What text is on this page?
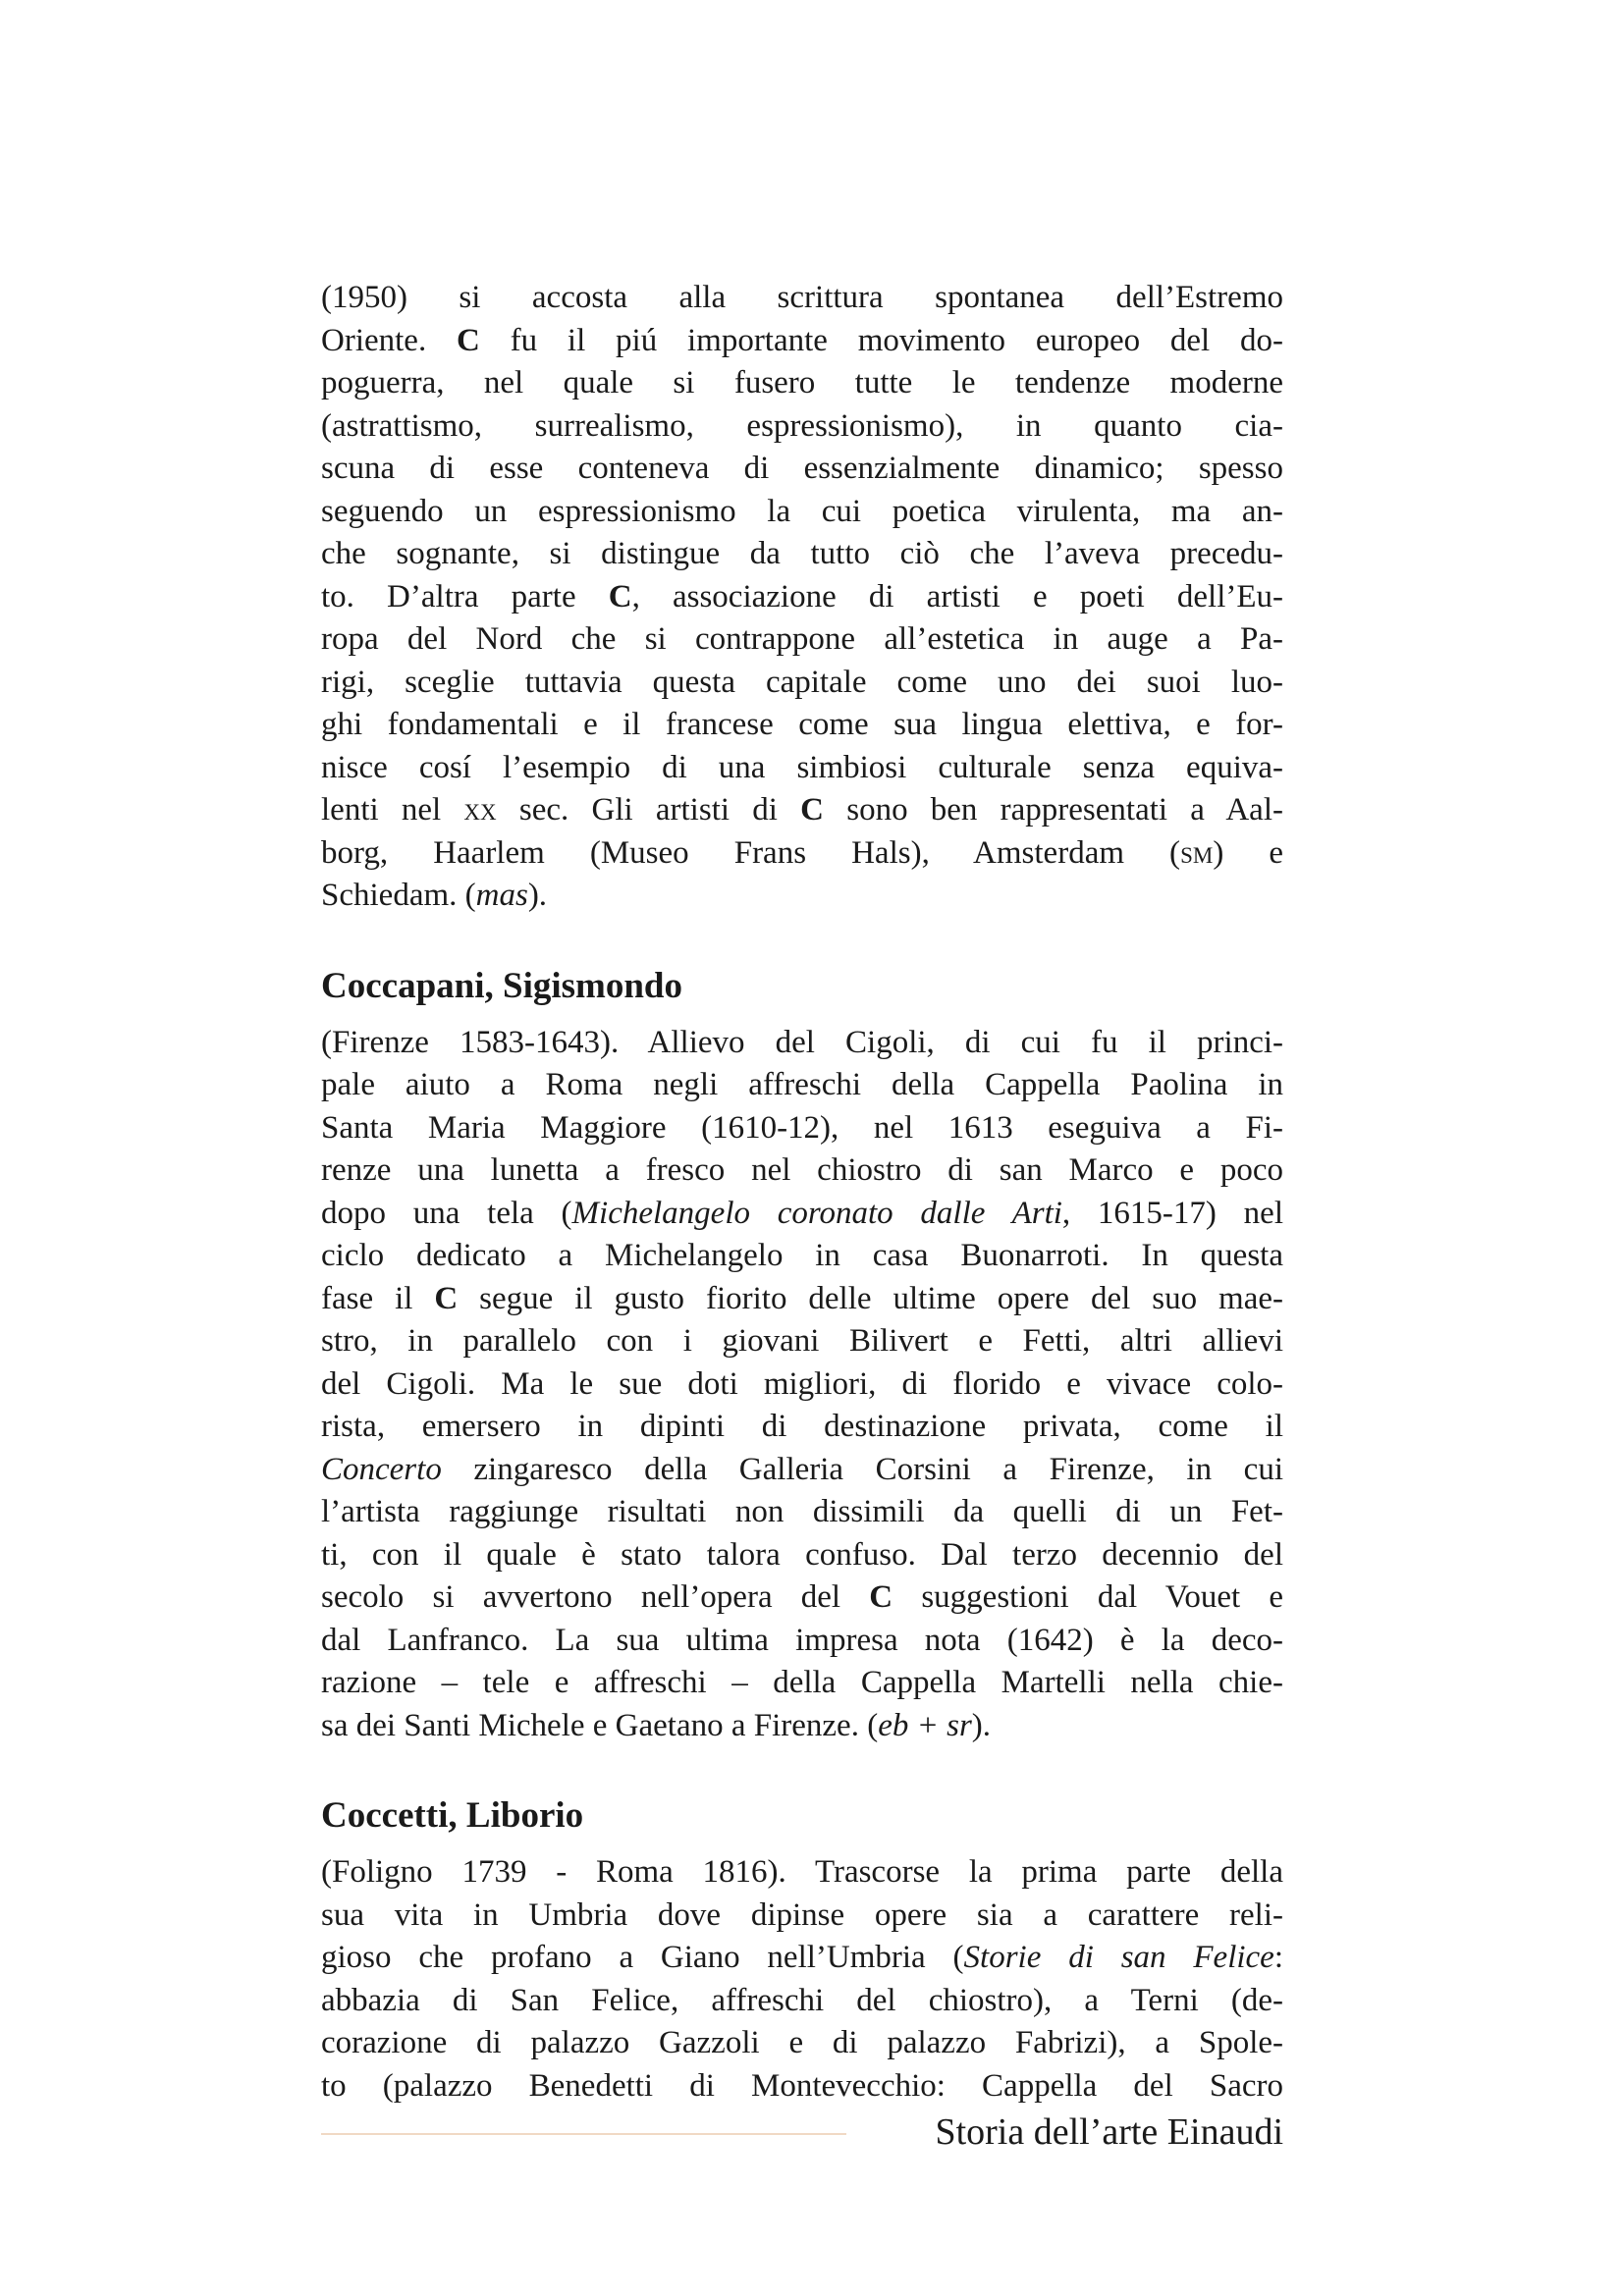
(1950) si accosta alla scrittura spontanea dell’Estremo
Oriente. C fu il piú importante movimento europeo del do-
poguerra, nel quale si fusero tutte le tendenze moderne
(astrattismo, surrealismo, espressionismo), in quanto cia-
scuna di esse conteneva di essenzialmente dinamico; spesso
seguendo un espressionismo la cui poetica virulenta, ma an-
che sognante, si distingue da tutto ciò che l’aveva precedu-
to. D’altra parte C, associazione di artisti e poeti dell’Eu-
ropa del Nord che si contrappone all’estetica in auge a Pa-
rigi, sceglie tuttavia questa capitale come uno dei suoi luo-
ghi fondamentali e il francese come sua lingua elettiva, e for-
nisce cosí l’esempio di una simbiosi culturale senza equiva-
lenti nel xx sec. Gli artisti di C sono ben rappresentati a Aal-
borg, Haarlem (Museo Frans Hals), Amsterdam (sm) e
Schiedam. (mas).

Coccapani, Sigismondo

(Firenze 1583-1643). Allievo del Cigoli, di cui fu il princi-
pale aiuto a Roma negli affreschi della Cappella Paolina in
Santa Maria Maggiore (1610-12), nel 1613 eseguiva a Fi-
renze una lunetta a fresco nel chiostro di san Marco e poco
dopo una tela (Michelangelo coronato dalle Arti, 1615-17) nel
ciclo dedicato a Michelangelo in casa Buonarroti. In questa
fase il C segue il gusto fiorito delle ultime opere del suo mae-
stro, in parallelo con i giovani Bilivert e Fetti, altri allievi
del Cigoli. Ma le sue doti migliori, di florido e vivace colo-
rista, emersero in dipinti di destinazione privata, come il
Concerto zingaresco della Galleria Corsini a Firenze, in cui
l’artista raggiunge risultati non dissimili da quelli di un Fet-
ti, con il quale è stato talora confuso. Dal terzo decennio del
secolo si avvertono nell’opera del C suggestioni dal Vouet e
dal Lanfranco. La sua ultima impresa nota (1642) è la deco-
razione – tele e affreschi – della Cappella Martelli nella chie-
sa dei Santi Michele e Gaetano a Firenze. (eb + sr).

Coccetti, Liborio

(Foligno 1739 - Roma 1816). Trascorse la prima parte della
sua vita in Umbria dove dipinse opere sia a carattere reli-
gioso che profano a Giano nell’Umbria (Storie di san Felice:
abbazia di San Felice, affreschi del chiostro), a Terni (de-
corazione di palazzo Gazzoli e di palazzo Fabrizi), a Spole-
to (palazzo Benedetti di Montevecchio: Cappella del Sacro

Storia dell’arte Einaudi
